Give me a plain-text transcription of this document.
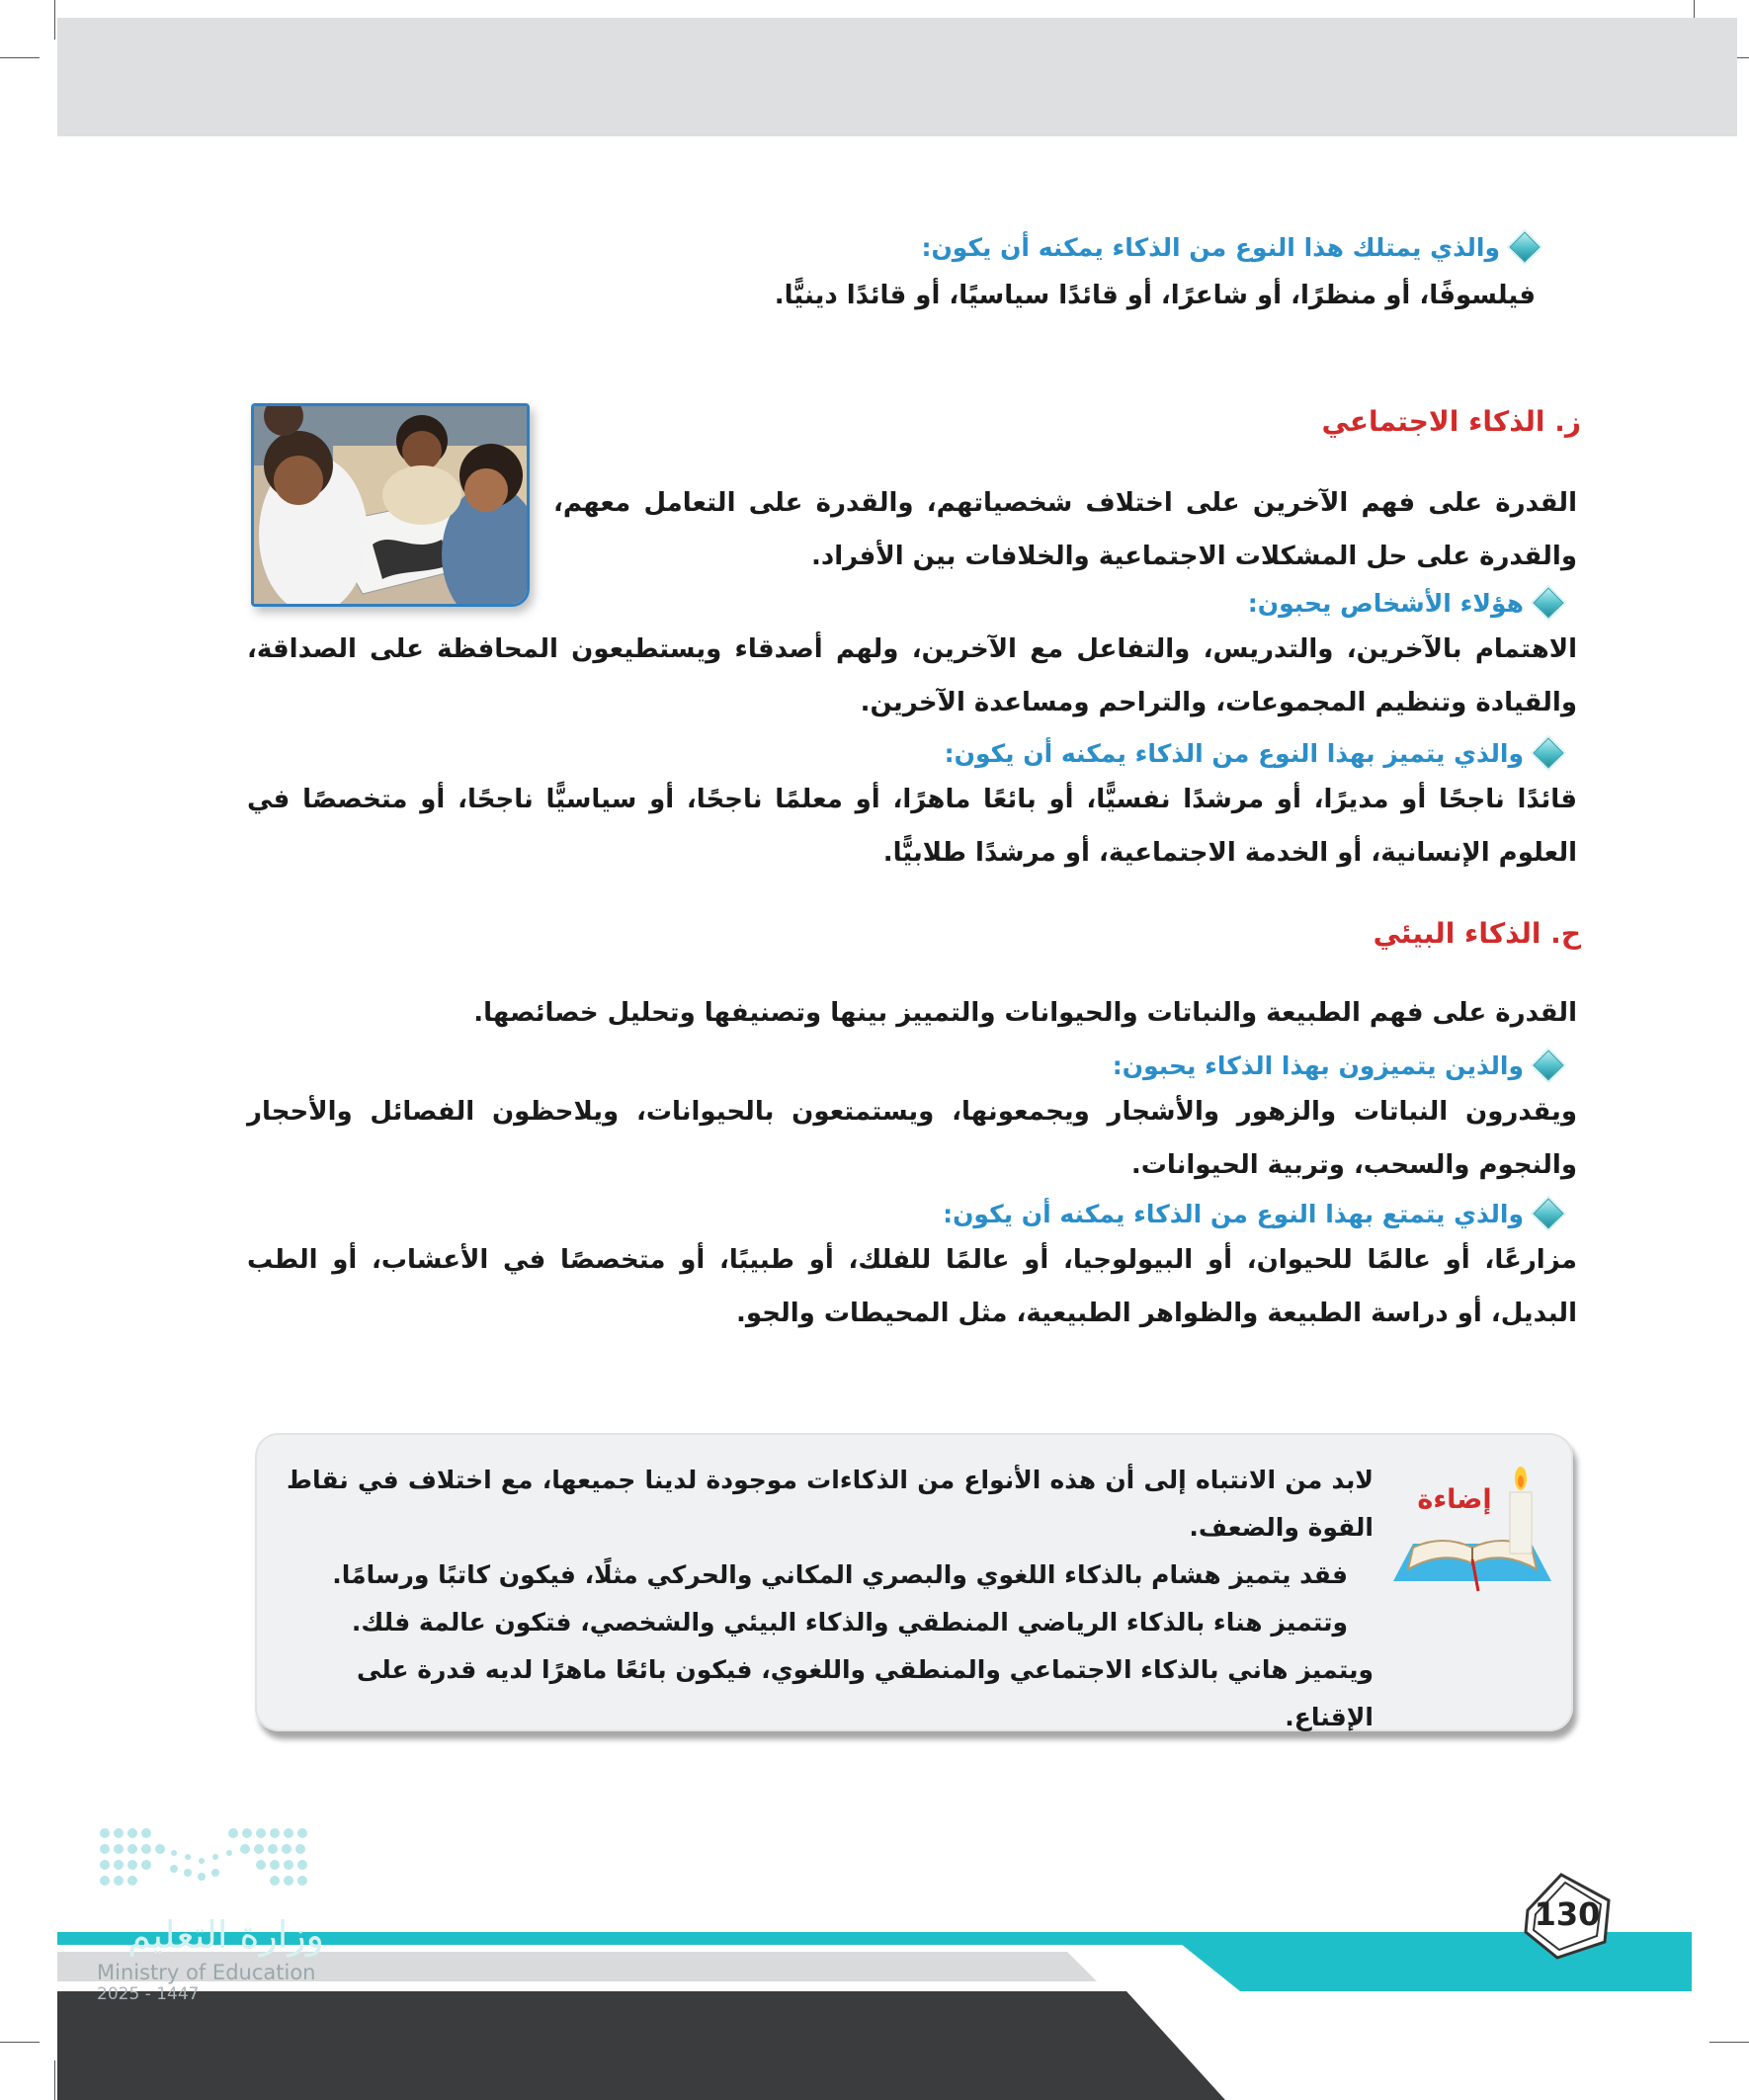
والذي يمتلك هذا النوع من الذكاء يمكنه أن يكون:
فيلسوفًا، أو منظرًا، أو شاعرًا، أو قائدًا سياسيًا، أو قائدًا دينيًّا.
ز. الذكاء الاجتماعي
القدرة على فهم الآخرين على اختلاف شخصياتهم، والقدرة على التعامل معهم، والقدرة على حل المشكلات الاجتماعية والخلافات بين الأفراد.
هؤلاء الأشخاص يحبون:
الاهتمام بالآخرين، والتدريس، والتفاعل مع الآخرين، ولهم أصدقاء ويستطيعون المحافظة على الصداقة، والقيادة وتنظيم المجموعات، والتراحم ومساعدة الآخرين.
والذي يتميز بهذا النوع من الذكاء يمكنه أن يكون:
قائدًا ناجحًا أو مديرًا، أو مرشدًا نفسيًّا، أو بائعًا ماهرًا، أو معلمًا ناجحًا، أو سياسيًّا ناجحًا، أو متخصصًا في العلوم الإنسانية، أو الخدمة الاجتماعية، أو مرشدًا طلابيًّا.
ح. الذكاء البيئي
القدرة على فهم الطبيعة والنباتات والحيوانات والتمييز بينها وتصنيفها وتحليل خصائصها.
والذين يتميزون بهذا الذكاء يحبون:
ويقدرون النباتات والزهور والأشجار ويجمعونها، ويستمتعون بالحيوانات، ويلاحظون الفصائل والأحجار والنجوم والسحب، وتربية الحيوانات.
والذي يتمتع بهذا النوع من الذكاء يمكنه أن يكون:
مزارعًا، أو عالمًا للحيوان، أو البيولوجيا، أو عالمًا للفلك، أو طبيبًا، أو متخصصًا في الأعشاب، أو الطب البديل، أو دراسة الطبيعة والظواهر الطبيعية، مثل المحيطات والجو.
إضاءة
لابد من الانتباه إلى أن هذه الأنواع من الذكاءات موجودة لدينا جميعها، مع اختلاف في نقاط القوة والضعف.
فقد يتميز هشام بالذكاء اللغوي والبصري المكاني والحركي مثلًا، فيكون كاتبًا ورسامًا.
وتتميز هناء بالذكاء الرياضي المنطقي والذكاء البيئي والشخصي، فتكون عالمة فلك.
ويتميز هاني بالذكاء الاجتماعي والمنطقي واللغوي، فيكون بائعًا ماهرًا لديه قدرة على الإقناع.
وزارة التعليم
Ministry of Education
2025 - 1447
130
